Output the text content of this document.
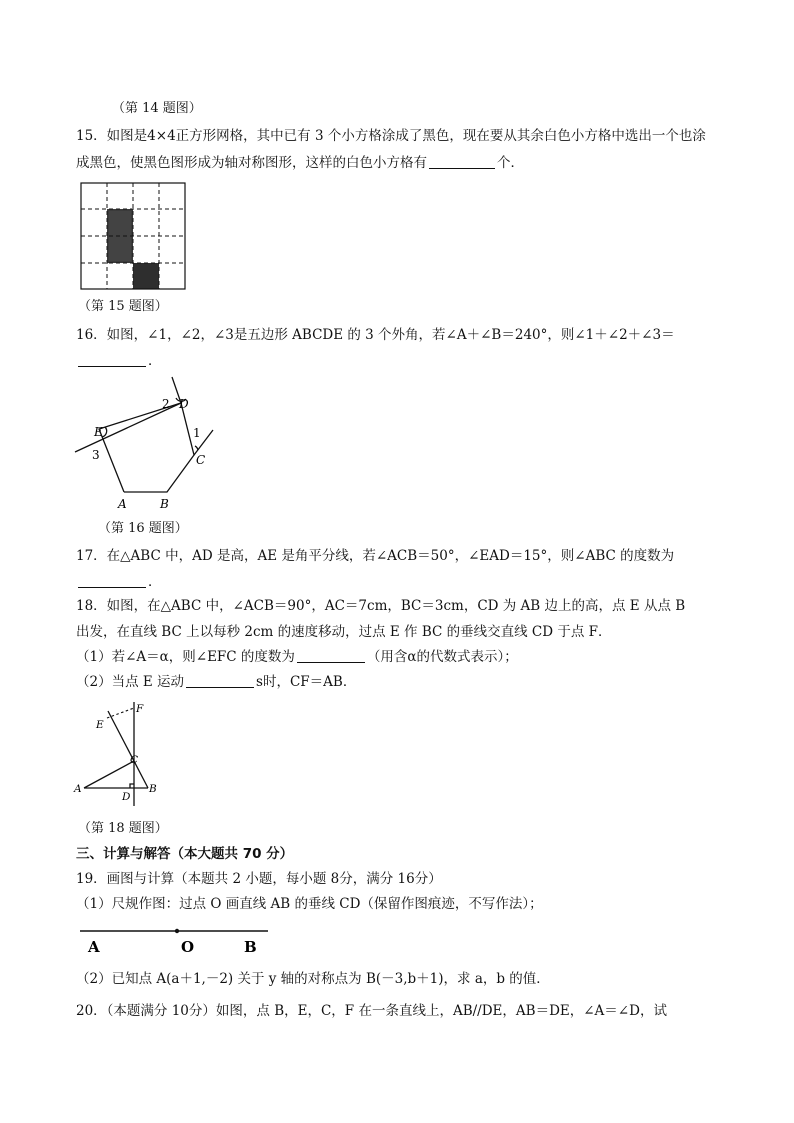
（第 14 题图）
15．如图是4×4正方形网格，其中已有 3 个小方格涂成了黑色，现在要从其余白色小方格中选出一个也涂
成黑色，使黑色图形成为轴对称图形，这样的白色小方格有	个．
（第 15 题图）
16．如图，∠1，∠2，∠3是五边形 ABCDE 的 3 个外角，若∠A＋∠B＝240°，则∠1＋∠2＋∠3＝
．
E
3
2 D
1
C
A	B
（第 16 题图）
17．在△ABC 中，AD 是高，AE 是角平分线，若∠ACB＝50°，∠EAD＝15°，则∠ABC 的度数为
．
18．如图，在△ABC 中，∠ACB＝90°，AC＝7cm，BC＝3cm，CD 为 AB 边上的高，点 E 从点 B
出发，在直线 BC 上以每秒 2cm 的速度移动，过点 E 作 BC 的垂线交直线 CD 于点 F．
（1）若∠A＝α，则∠EFC 的度数为	（用含α的代数式表示）；
（2）当点 E 运动	s时，CF＝AB．
F
E
C
A
D
B
（第 18 题图）
三、计算与解答（本大题共 70 分）
19．画图与计算（本题共 2 小题，每小题 8分，满分 16分）
（1）尺规作图：过点 O 画直线 AB 的垂线 CD（保留作图痕迹，不写作法）；
A	O	B
（2）已知点 A(a＋1,－2) 关于 y 轴的对称点为 B(－3,b＋1)，求 a，b 的值．
20．（本题满分 10分）如图，点 B，E，C，F 在一条直线上，AB//DE，AB＝DE，∠A＝∠D，试
